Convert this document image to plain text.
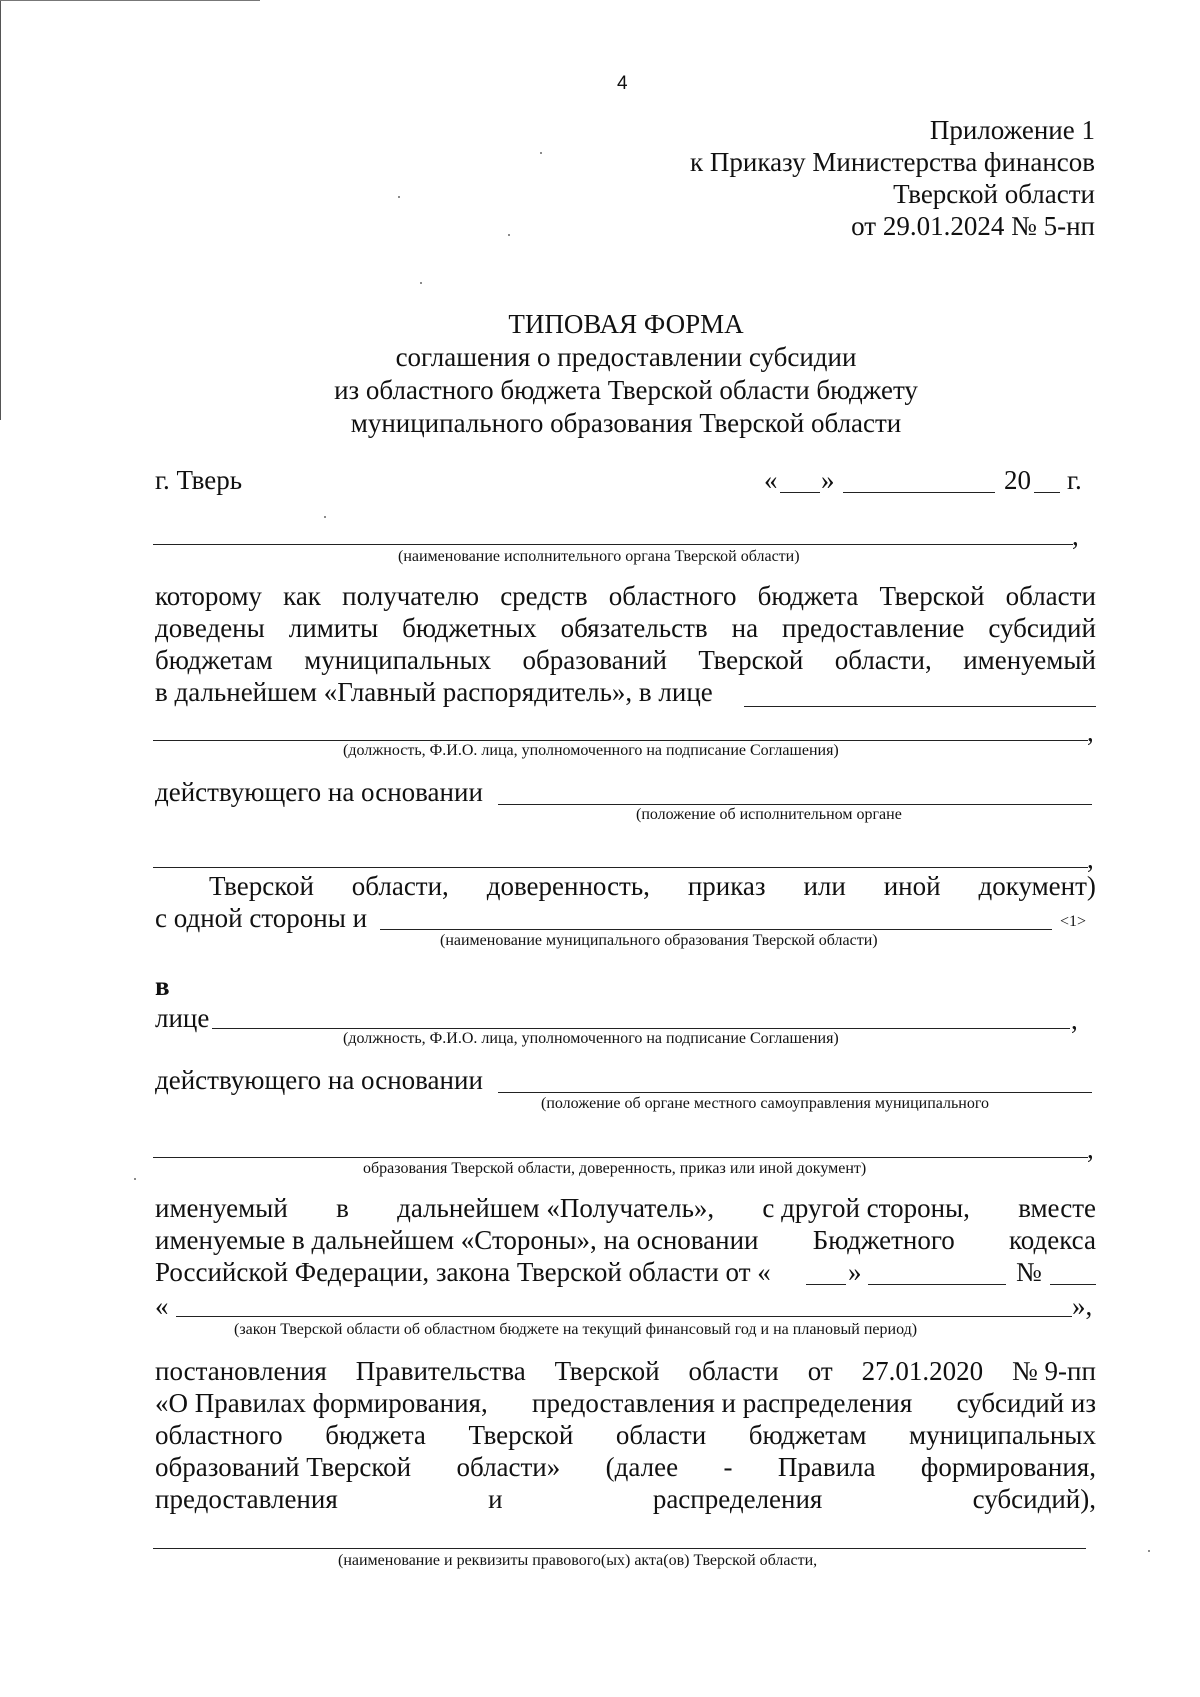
4
Приложение 1
к Приказу Министерства финансов
Тверской области
от 29.01.2024 № 5-нп
ТИПОВАЯ ФОРМА
соглашения о предоставлении субсидии
из областного бюджета Тверской области бюджету
муниципального образования Тверской области
г. Тверь	« »	20 г.
,
(наименование исполнительного органа Тверской области)
которому как получателю средств областного бюджета Тверской области
доведены лимиты бюджетных обязательств на предоставление субсидий
бюджетам муниципальных образований Тверской области, именуемый
в дальнейшем «Главный распорядитель», в лице
,
(должность, Ф.И.О. лица, уполномоченного на подписание Соглашения)
действующего на основании
(положение об исполнительном органе
,
Тверской области, доверенность, приказ или иной документ)
с одной стороны и	<1>
(наименование муниципального образования Тверской области)
в
лице	,
(должность, Ф.И.О. лица, уполномоченного на подписание Соглашения)
действующего на основании
(положение об органе местного самоуправления муниципального
,
образования Тверской области, доверенность, приказ или иной документ)
именуемый в дальнейшем «Получатель», с другой стороны, вместе
именуемые в дальнейшем «Стороны», на основании Бюджетного кодекса
Российской Федерации, закона Тверской области от «	»	№
«	»,
(закон Тверской области об областном бюджете на текущий финансовый год и на плановый период)
постановления Правительства Тверской области от 27.01.2020 № 9-пп
«О Правилах формирования, предоставления и распределения субсидий из
областного бюджета Тверской области бюджетам муниципальных
образований Тверской области» (далее - Правила формирования,
предоставления	и	распределения	субсидий),
(наименование и реквизиты правового(ых) акта(ов) Тверской области,
